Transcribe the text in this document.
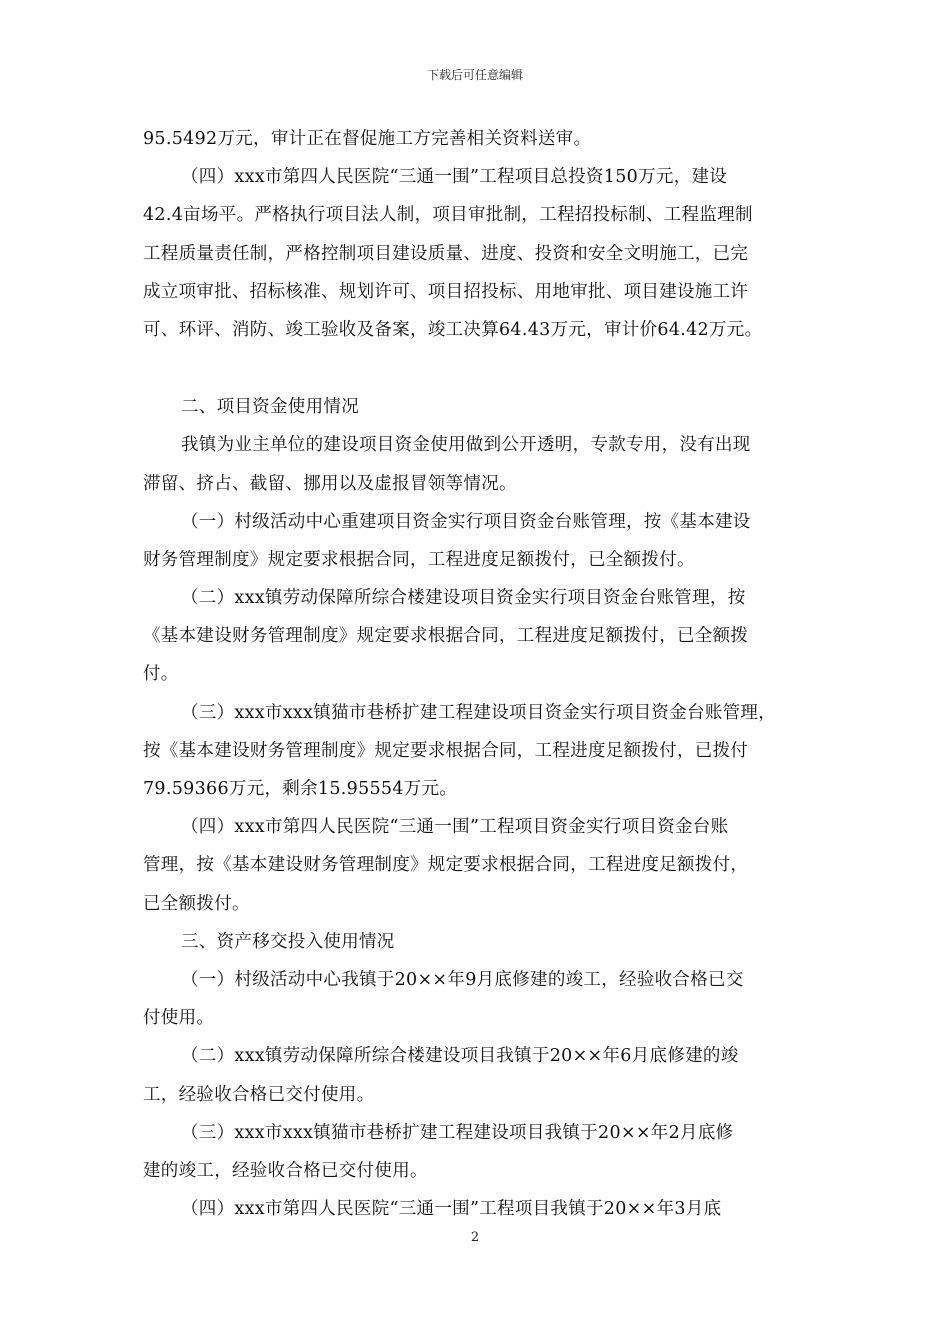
下载后可任意编辑
95.5492万元，审计正在督促施工方完善相关资料送审。
（四）xxx市第四人民医院“三通一围”工程项目总投资150万元，建设
42.4亩场平。严格执行项目法人制，项目审批制，工程招投标制、工程监理制
工程质量责任制，严格控制项目建设质量、进度、投资和安全文明施工，已完
成立项审批、招标核准、规划许可、项目招投标、用地审批、项目建设施工许
可、环评、消防、竣工验收及备案，竣工决算64.43万元，审计价64.42万元。
二、项目资金使用情况
我镇为业主单位的建设项目资金使用做到公开透明，专款专用，没有出现
滞留、挤占、截留、挪用以及虚报冒领等情况。
（一）村级活动中心重建项目资金实行项目资金台账管理，按《基本建设
财务管理制度》规定要求根据合同，工程进度足额拨付，已全额拨付。
（二）xxx镇劳动保障所综合楼建设项目资金实行项目资金台账管理，按
《基本建设财务管理制度》规定要求根据合同，工程进度足额拨付，已全额拨
付。
（三）xxx市xxx镇猫市巷桥扩建工程建设项目资金实行项目资金台账管理，
按《基本建设财务管理制度》规定要求根据合同，工程进度足额拨付，已拨付
79.59366万元，剩余15.95554万元。
（四）xxx市第四人民医院“三通一围”工程项目资金实行项目资金台账
管理，按《基本建设财务管理制度》规定要求根据合同，工程进度足额拨付，
已全额拨付。
三、资产移交投入使用情况
（一）村级活动中心我镇于20××年9月底修建的竣工，经验收合格已交
付使用。
（二）xxx镇劳动保障所综合楼建设项目我镇于20××年6月底修建的竣
工，经验收合格已交付使用。
（三）xxx市xxx镇猫市巷桥扩建工程建设项目我镇于20××年2月底修
建的竣工，经验收合格已交付使用。
（四）xxx市第四人民医院“三通一围”工程项目我镇于20××年3月底
2
